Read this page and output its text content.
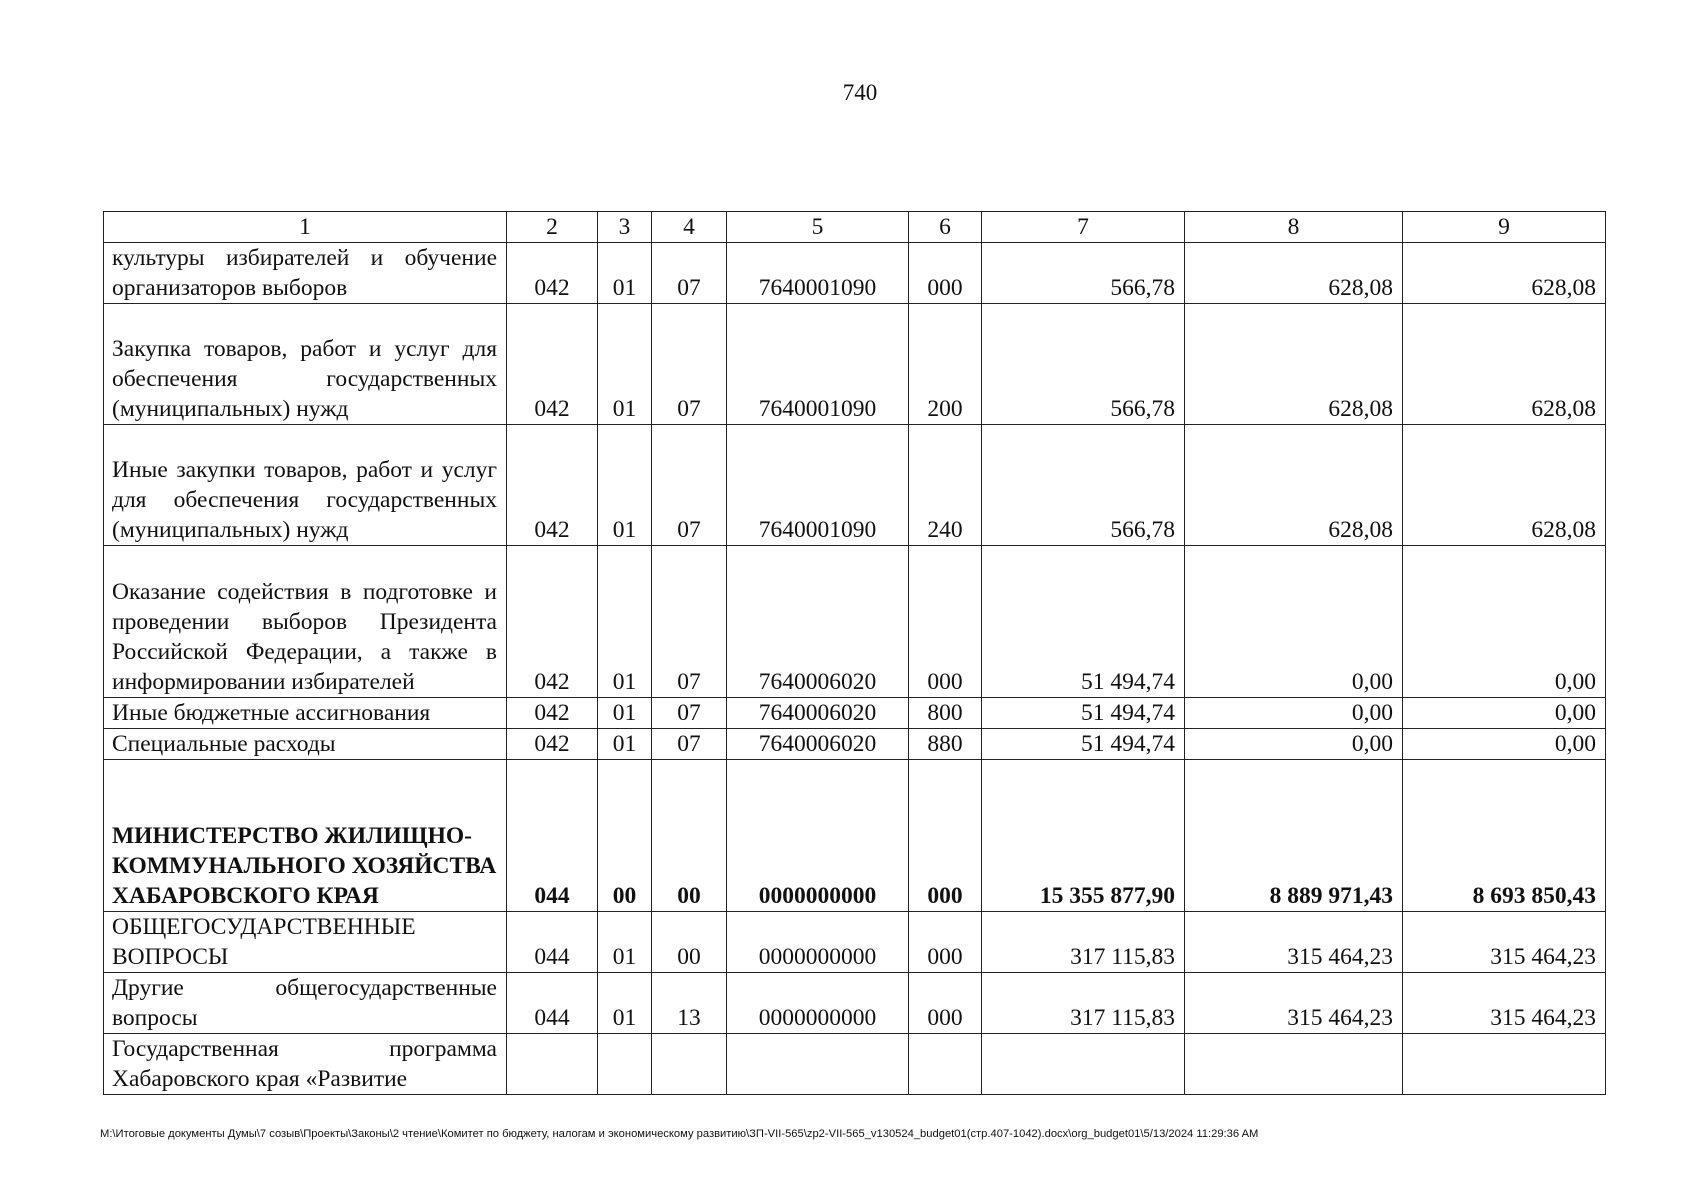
740
1	2	3	4	5	6	7	8	9
культуры избирателей и обучение организаторов выборов	042	01	07	7640001090	000	566,78	628,08	628,08
Закупка товаров, работ и услуг для обеспечения государственных (муниципальных) нужд	042	01	07	7640001090	200	566,78	628,08	628,08
Иные закупки товаров, работ и услуг для обеспечения государственных (муниципальных) нужд	042	01	07	7640001090	240	566,78	628,08	628,08
Оказание содействия в подготовке и проведении выборов Президента Российской Федерации, а также в информировании избирателей	042	01	07	7640006020	000	51 494,74	0,00	0,00
Иные бюджетные ассигнования	042	01	07	7640006020	800	51 494,74	0,00	0,00
Специальные расходы	042	01	07	7640006020	880	51 494,74	0,00	0,00
МИНИСТЕРСТВО ЖИЛИЩНО-КОММУНАЛЬНОГО ХОЗЯЙСТВА ХАБАРОВСКОГО КРАЯ	044	00	00	0000000000	000	15 355 877,90	8 889 971,43	8 693 850,43
ОБЩЕГОСУДАРСТВЕННЫЕ ВОПРОСЫ	044	01	00	0000000000	000	317 115,83	315 464,23	315 464,23
Другие общегосударственные вопросы	044	01	13	0000000000	000	317 115,83	315 464,23	315 464,23
Государственная программа Хабаровского края «Развитие								
M:\Итоговые документы Думы\7 созыв\Проекты\Законы\2 чтение\Комитет по бюджету, налогам и экономическому развитию\ЗП-VII-565\zp2-VII-565_v130524_budget01(стр.407-1042).docx\org_budget01\5/13/2024 11:29:36 AM
